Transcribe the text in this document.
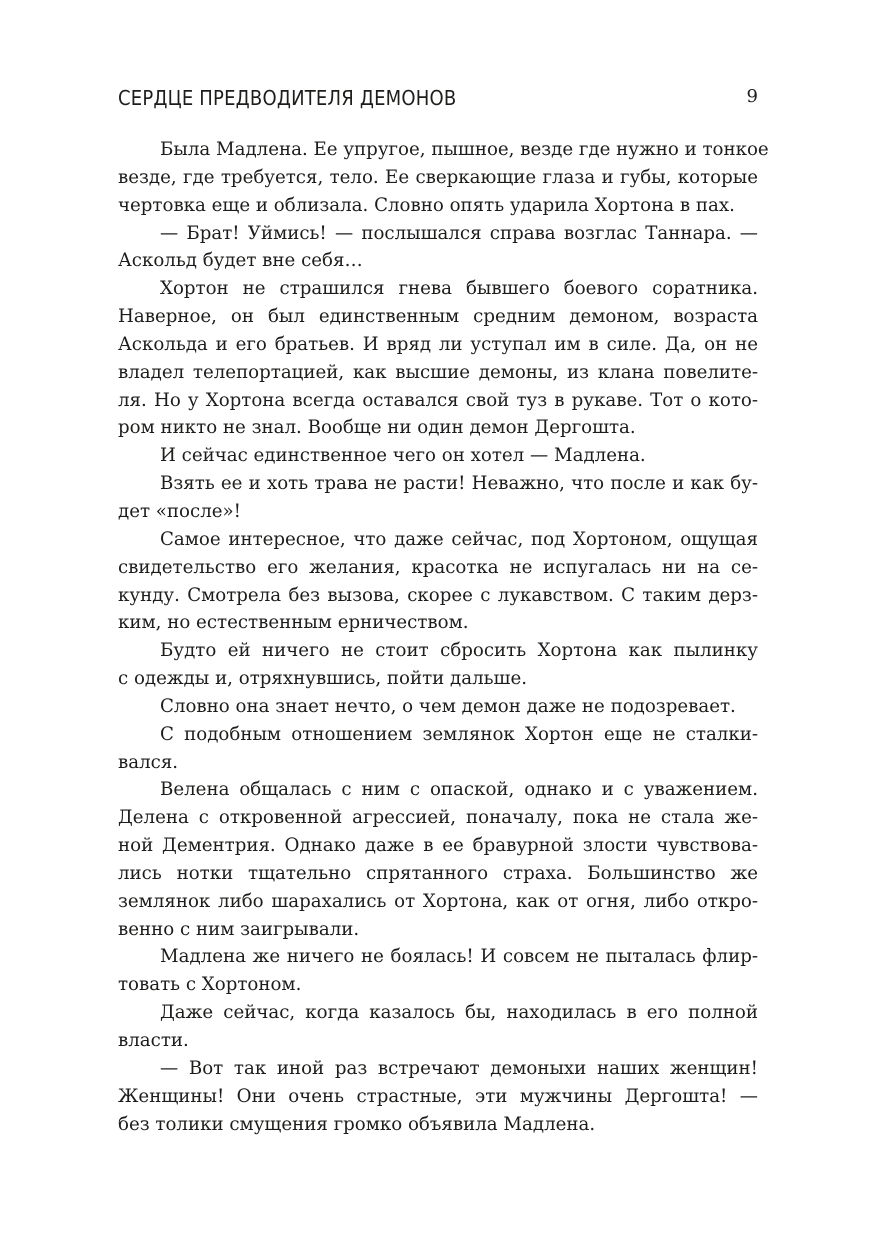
СЕРДЦЕ ПРЕДВОДИТЕЛЯ ДЕМОНОВ	9
Была Мадлена. Ее упругое, пышное, везде где нужно и тонкое
везде, где требуется, тело. Ее сверкающие глаза и губы, которые
чертовка еще и облизала. Словно опять ударила Хортона в пах.
— Брат! Уймись! — послышался справа возглас Таннара. —
Аскольд будет вне себя…
Хортон не страшился гнева бывшего боевого соратника.
Наверное, он был единственным средним демоном, возраста
Аскольда и его братьев. И вряд ли уступал им в силе. Да, он не
владел телепортацией, как высшие демоны, из клана повелите-
ля. Но у Хортона всегда оставался свой туз в рукаве. Тот о кото-
ром никто не знал. Вообще ни один демон Дергошта.
И сейчас единственное чего он хотел — Мадлена.
Взять ее и хоть трава не расти! Неважно, что после и как бу-
дет «после»!
Самое интересное, что даже сейчас, под Хортоном, ощущая
свидетельство его желания, красотка не испугалась ни на се-
кунду. Смотрела без вызова, скорее с лукавством. С таким дерз-
ким, но естественным ерничеством.
Будто ей ничего не стоит сбросить Хортона как пылинку
с одежды и, отряхнувшись, пойти дальше.
Словно она знает нечто, о чем демон даже не подозревает.
С подобным отношением землянок Хортон еще не сталки-
вался.
Велена общалась с ним с опаской, однако и с уважением.
Делена с откровенной агрессией, поначалу, пока не стала же-
ной Дементрия. Однако даже в ее бравурной злости чувствова-
лись нотки тщательно спрятанного страха. Большинство же
землянок либо шарахались от Хортона, как от огня, либо откро-
венно с ним заигрывали.
Мадлена же ничего не боялась! И совсем не пыталась флир-
товать с Хортоном.
Даже сейчас, когда казалось бы, находилась в его полной
власти.
— Вот так иной раз встречают демоныхи наших женщин!
Женщины! Они очень страстные, эти мужчины Дергошта! —
без толики смущения громко объявила Мадлена.
